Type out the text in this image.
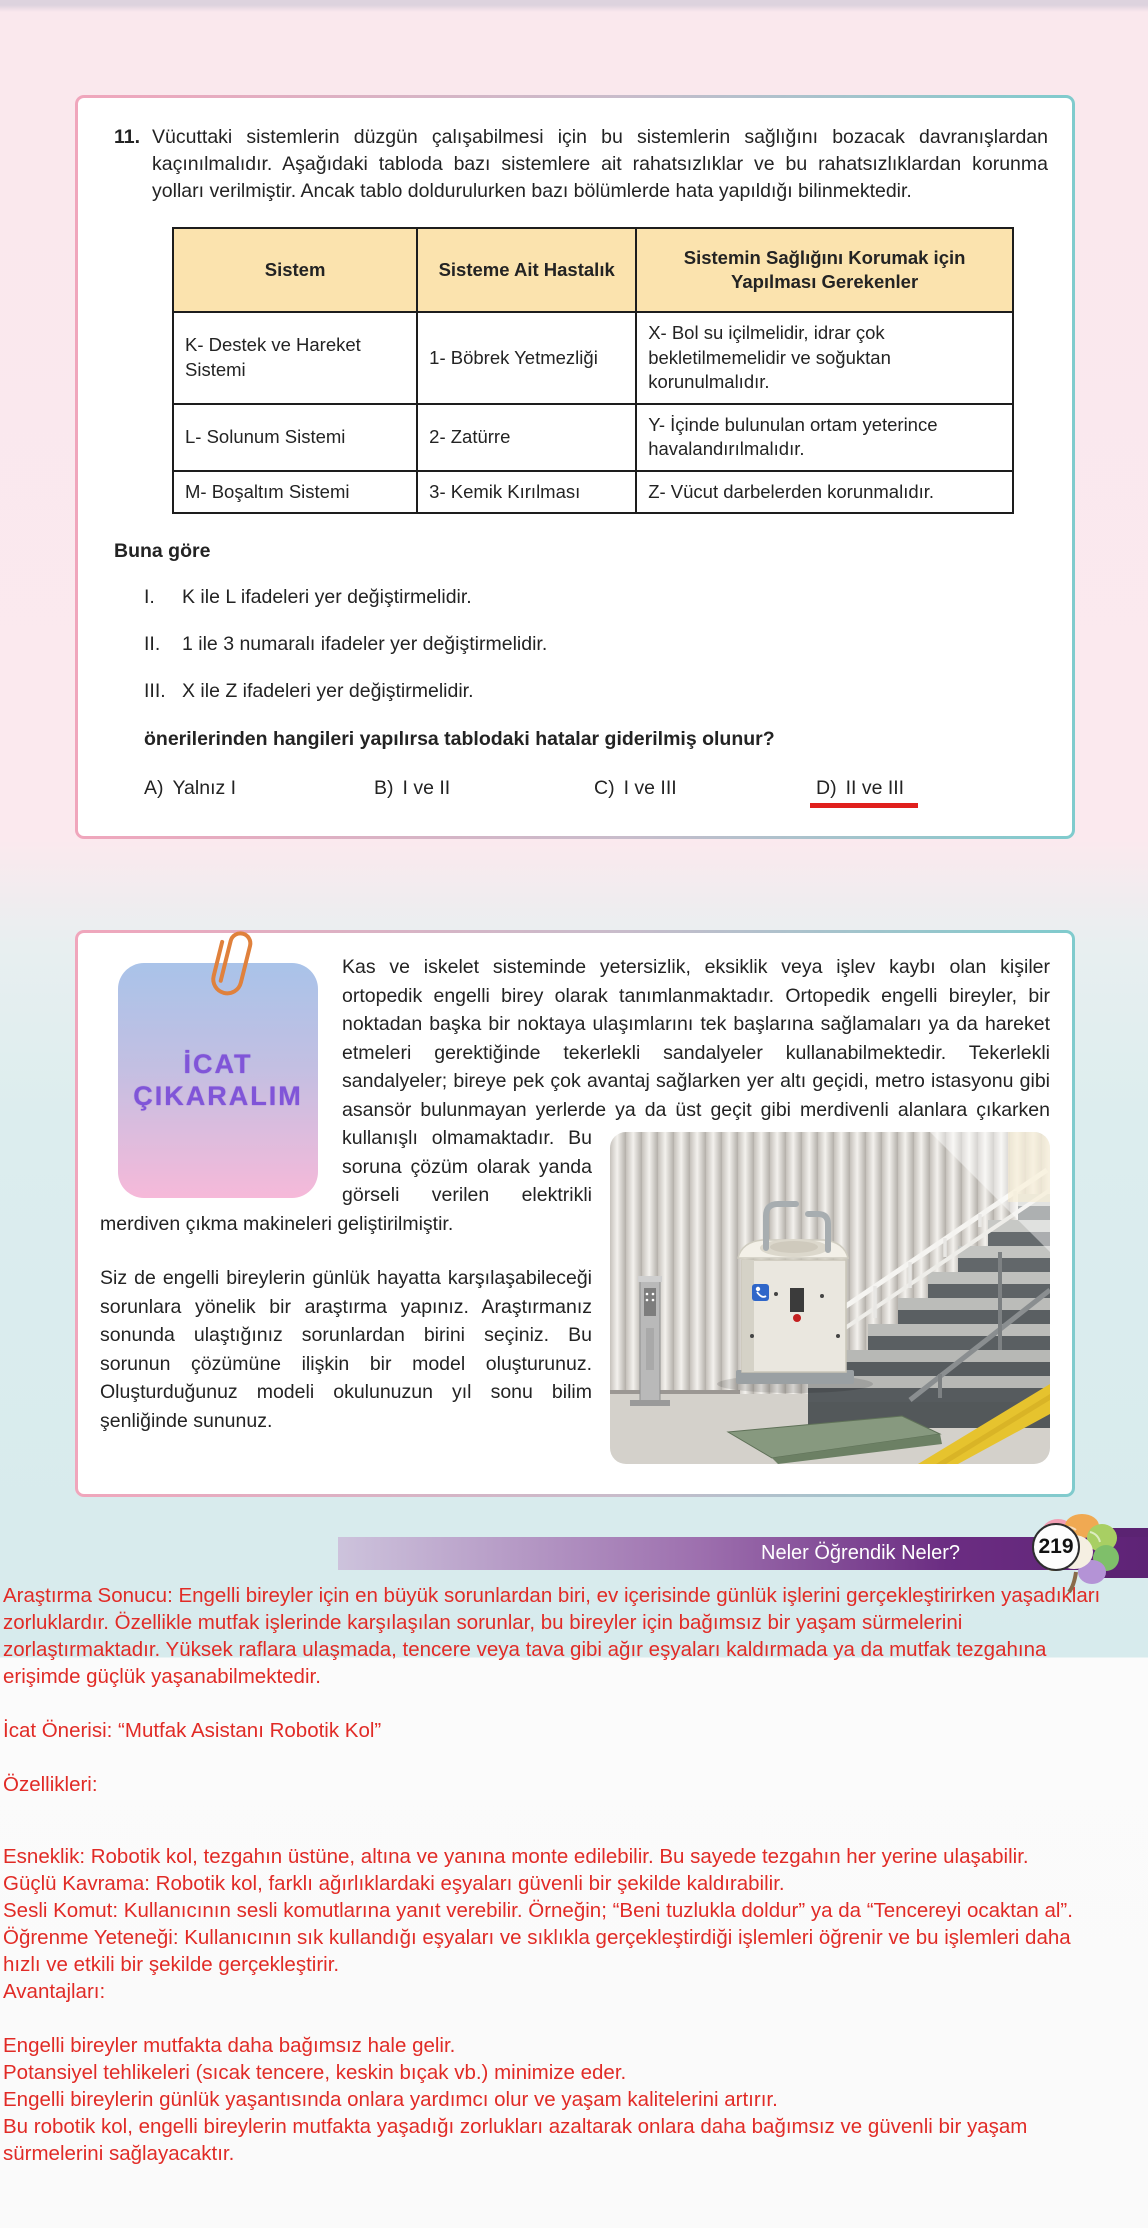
11. Vücuttaki sistemlerin düzgün çalışabilmesi için bu sistemlerin sağlığını bozacak davranışlardan kaçınılmalıdır. Aşağıdaki tabloda bazı sistemlere ait rahatsızlıklar ve bu rahatsızlıklardan korunma yolları verilmiştir. Ancak tablo doldurulurken bazı bölümlerde hata yapıldığı bilinmektedir.

Sistem	Sisteme Ait Hastalık	Sistemin Sağlığını Korumak için Yapılması Gerekenler
K- Destek ve Hareket Sistemi	1- Böbrek Yetmezliği	X- Bol su içilmelidir, idrar çok bekletilmemelidir ve soğuktan korunulmalıdır.
L- Solunum Sistemi	2- Zatürre	Y- İçinde bulunulan ortam yeterince havalandırılmalıdır.
M- Boşaltım Sistemi	3- Kemik Kırılması	Z- Vücut darbelerden korunmalıdır.

Buna göre

I.	K ile L ifadeleri yer değiştirmelidir.
II.	1 ile 3 numaralı ifadeler yer değiştirmelidir.
III. X ile Z ifadeleri yer değiştirmelidir.

önerilerinden hangileri yapılırsa tablodaki hatalar giderilmiş olunur?

A) Yalnız I	B) I ve II	C) I ve III	D) II ve III
İCAT
ÇIKARALIM

Kas ve iskelet sisteminde yetersizlik, eksiklik veya işlev kaybı olan kişiler ortopedik engelli birey olarak tanımlanmaktadır. Ortopedik engelli bireyler, bir noktadan başka bir noktaya ulaşımlarını tek başlarına sağlamaları ya da hareket etmeleri gerektiğinde tekerlekli sandalyeler kullanabilmektedir. Tekerlekli sandalyeler; bireye pek çok avantaj sağlarken yer altı geçidi, metro istasyonu gibi asansör bulunmayan yerlerde ya da üst geçit gibi merdivenli alanlara çıkarken kullanışlı olmamaktadır. Bu soruna çözüm olarak yanda görseli verilen elektrikli merdiven çıkma makineleri geliştirilmiştir.

Siz de engelli bireylerin günlük hayatta karşılaşabileceği sorunlara yönelik bir araştırma yapınız. Araştırmanız sonunda ulaştığınız sorunlardan birini seçiniz. Bu sorunun çözümüne ilişkin bir model oluşturunuz. Oluşturduğunuz modeli okulunuzun yıl sonu bilim şenliğinde sununuz.

Neler Öğrendik Neler?	219

Araştırma Sonucu: Engelli bireyler için en büyük sorunlardan biri, ev içerisinde günlük işlerini gerçekleştirirken yaşadıkları zorluklardır. Özellikle mutfak işlerinde karşılaşılan sorunlar, bu bireyler için bağımsız bir yaşam sürmelerini zorlaştırmaktadır. Yüksek raflara ulaşmada, tencere veya tava gibi ağır eşyaları kaldırmada ya da mutfak tezgahına erişimde güçlük yaşanabilmektedir.

İcat Önerisi: “Mutfak Asistanı Robotik Kol”

Özellikleri:

Esneklik: Robotik kol, tezgahın üstüne, altına ve yanına monte edilebilir. Bu sayede tezgahın her yerine ulaşabilir.

Güçlü Kavrama: Robotik kol, farklı ağırlıklardaki eşyaları güvenli bir şekilde kaldırabilir.

Sesli Komut: Kullanıcının sesli komutlarına yanıt verebilir. Örneğin; “Beni tuzlukla doldur” ya da “Tencereyi ocaktan al”.

Öğrenme Yeteneği: Kullanıcının sık kullandığı eşyaları ve sıklıkla gerçekleştirdiği işlemleri öğrenir ve bu işlemleri daha hızlı ve etkili bir şekilde gerçekleştirir.

Avantajları:

Engelli bireyler mutfakta daha bağımsız hale gelir.

Potansiyel tehlikeleri (sıcak tencere, keskin bıçak vb.) minimize eder.

Engelli bireylerin günlük yaşantısında onlara yardımcı olur ve yaşam kalitelerini artırır.

Bu robotik kol, engelli bireylerin mutfakta yaşadığı zorlukları azaltarak onlara daha bağımsız ve güvenli bir yaşam sürmelerini sağlayacaktır.
